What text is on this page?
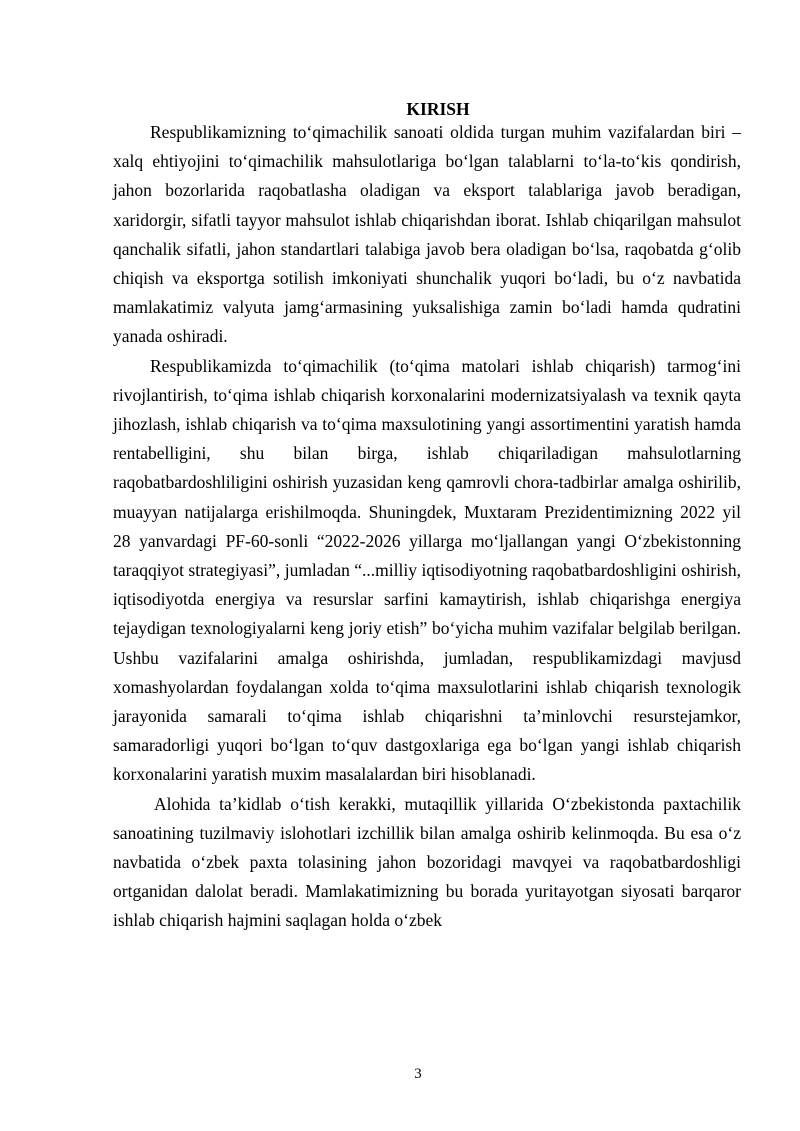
KIRISH

Respublikamizning to‘qimachilik sanoati oldida turgan muhim vazifalardan biri – xalq ehtiyojini to‘qimachilik mahsulotlariga bo‘lgan talablarni to‘la-to‘kis qondirish, jahon bozorlarida raqobatlasha oladigan va eksport talablariga javob beradigan, xaridorgir, sifatli tayyor mahsulot ishlab chiqarishdan iborat. Ishlab chiqarilgan mahsulot qanchalik sifatli, jahon standartlari talabiga javob bera oladigan bo‘lsa, raqobatda g‘olib chiqish va eksportga sotilish imkoniyati shunchalik yuqori bo‘ladi, bu o‘z navbatida mamlakatimiz valyuta jamg‘armasining yuksalishiga zamin bo‘ladi hamda qudratini yanada oshiradi.

Respublikamizda to‘qimachilik (to‘qima matolari ishlab chiqarish) tarmog‘ini rivojlantirish, to‘qima ishlab chiqarish korxonalarini modernizatsiyalash va texnik qayta jihozlash, ishlab chiqarish va to‘qima maxsulotining yangi assortimentini yaratish hamda rentabelligini, shu bilan birga, ishlab chiqariladigan mahsulotlarning raqobatbardoshliligini oshirish yuzasidan keng qamrovli chora-tadbirlar amalga oshirilib, muayyan natijalarga erishilmoqda. Shuningdek, Muxtaram Prezidentimizning 2022 yil 28 yanvardagi PF-60-sonli “2022-2026 yillarga mo‘ljallangan yangi O‘zbekistonning taraqqiyot strategiyasi”, jumladan “...milliy iqtisodiyotning raqobatbardoshligini oshirish, iqtisodiyotda energiya va resurslar sarfini kamaytirish, ishlab chiqarishga energiya tejaydigan texnologiyalarni keng joriy etish” bo‘yicha muhim vazifalar belgilab berilgan. Ushbu vazifalarini amalga oshirishda, jumladan, respublikamizdagi mavjusd xomashyolardan foydalangan xolda to‘qima maxsulotlarini ishlab chiqarish texnologik jarayonida samarali to‘qima ishlab chiqarishni ta’minlovchi resurstejamkor, samaradorligi yuqori bo‘lgan to‘quv dastgoxlariga ega bo‘lgan yangi ishlab chiqarish korxonalarini yaratish muxim masalalardan biri hisoblanadi.

Alohida ta’kidlab o‘tish kerakki, mutaqillik yillarida O‘zbekistonda paxtachilik sanoatining tuzilmaviy islohotlari izchillik bilan amalga oshirib kelinmoqda. Bu esa o‘z navbatida o‘zbek paxta tolasining jahon bozoridagi mavqyei va raqobatbardoshligi ortganidan dalolat beradi. Mamlakatimizning bu borada yuritayotgan siyosati barqaror ishlab chiqarish hajmini saqlagan holda o‘zbek

3
